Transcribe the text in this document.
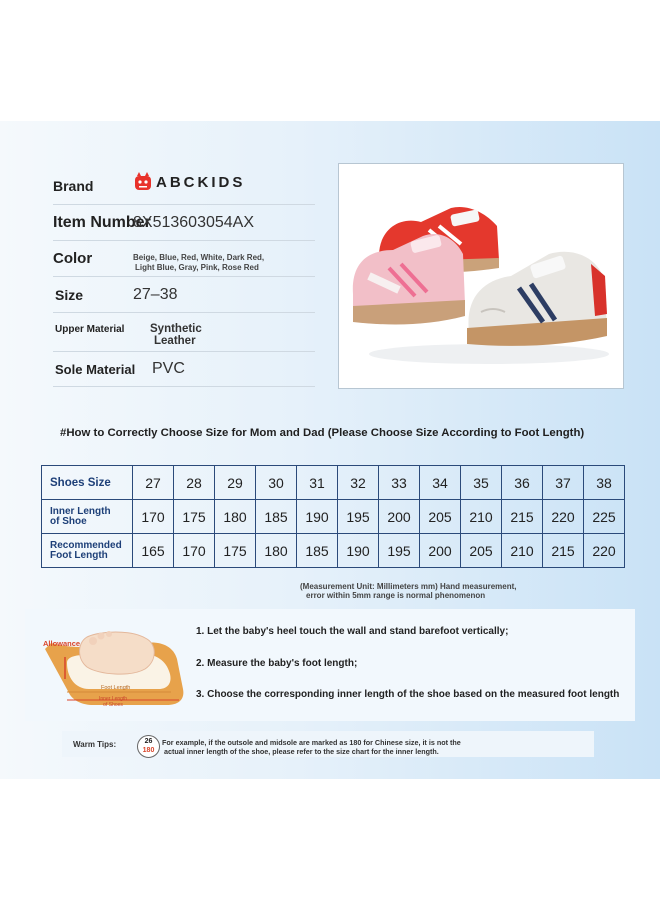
Brand	ABCKIDS
Item Number
8X513603054AX
Color	Beige, Blue, Red, White, Dark Red,
Light Blue, Gray, Pink, Rose Red
Size	27–38
Upper Material Synthetic
Leather
Sole Material PVC
#How to Correctly Choose Size for Mom and Dad (Please Choose Size According to Foot Length)
Shoes Size	27	28	29	30	31	32	33	34	35	36	37	38
Inner Length
of Shoe	170	175	180	185	190	195	200	205	210	215	220	225
Recommended
Foot Length	165	170	175	180	185	190	195	200	205	210	215	220
(Measurement Unit: Millimeters mm) Hand measurement,
error within 5mm range is normal phenomenon
Allowance
Foot Length
Inner Length
of Shoes
1. Let the baby's heel touch the wall and stand barefoot vertically;
2. Measure the baby's foot length;
3. Choose the corresponding inner length of the shoe based on the measured foot length
Warm Tips:	26
180
For example, if the outsole and midsole are marked as 180 for Chinese size, it is not the
actual inner length of the shoe, please refer to the size chart for the inner length.
